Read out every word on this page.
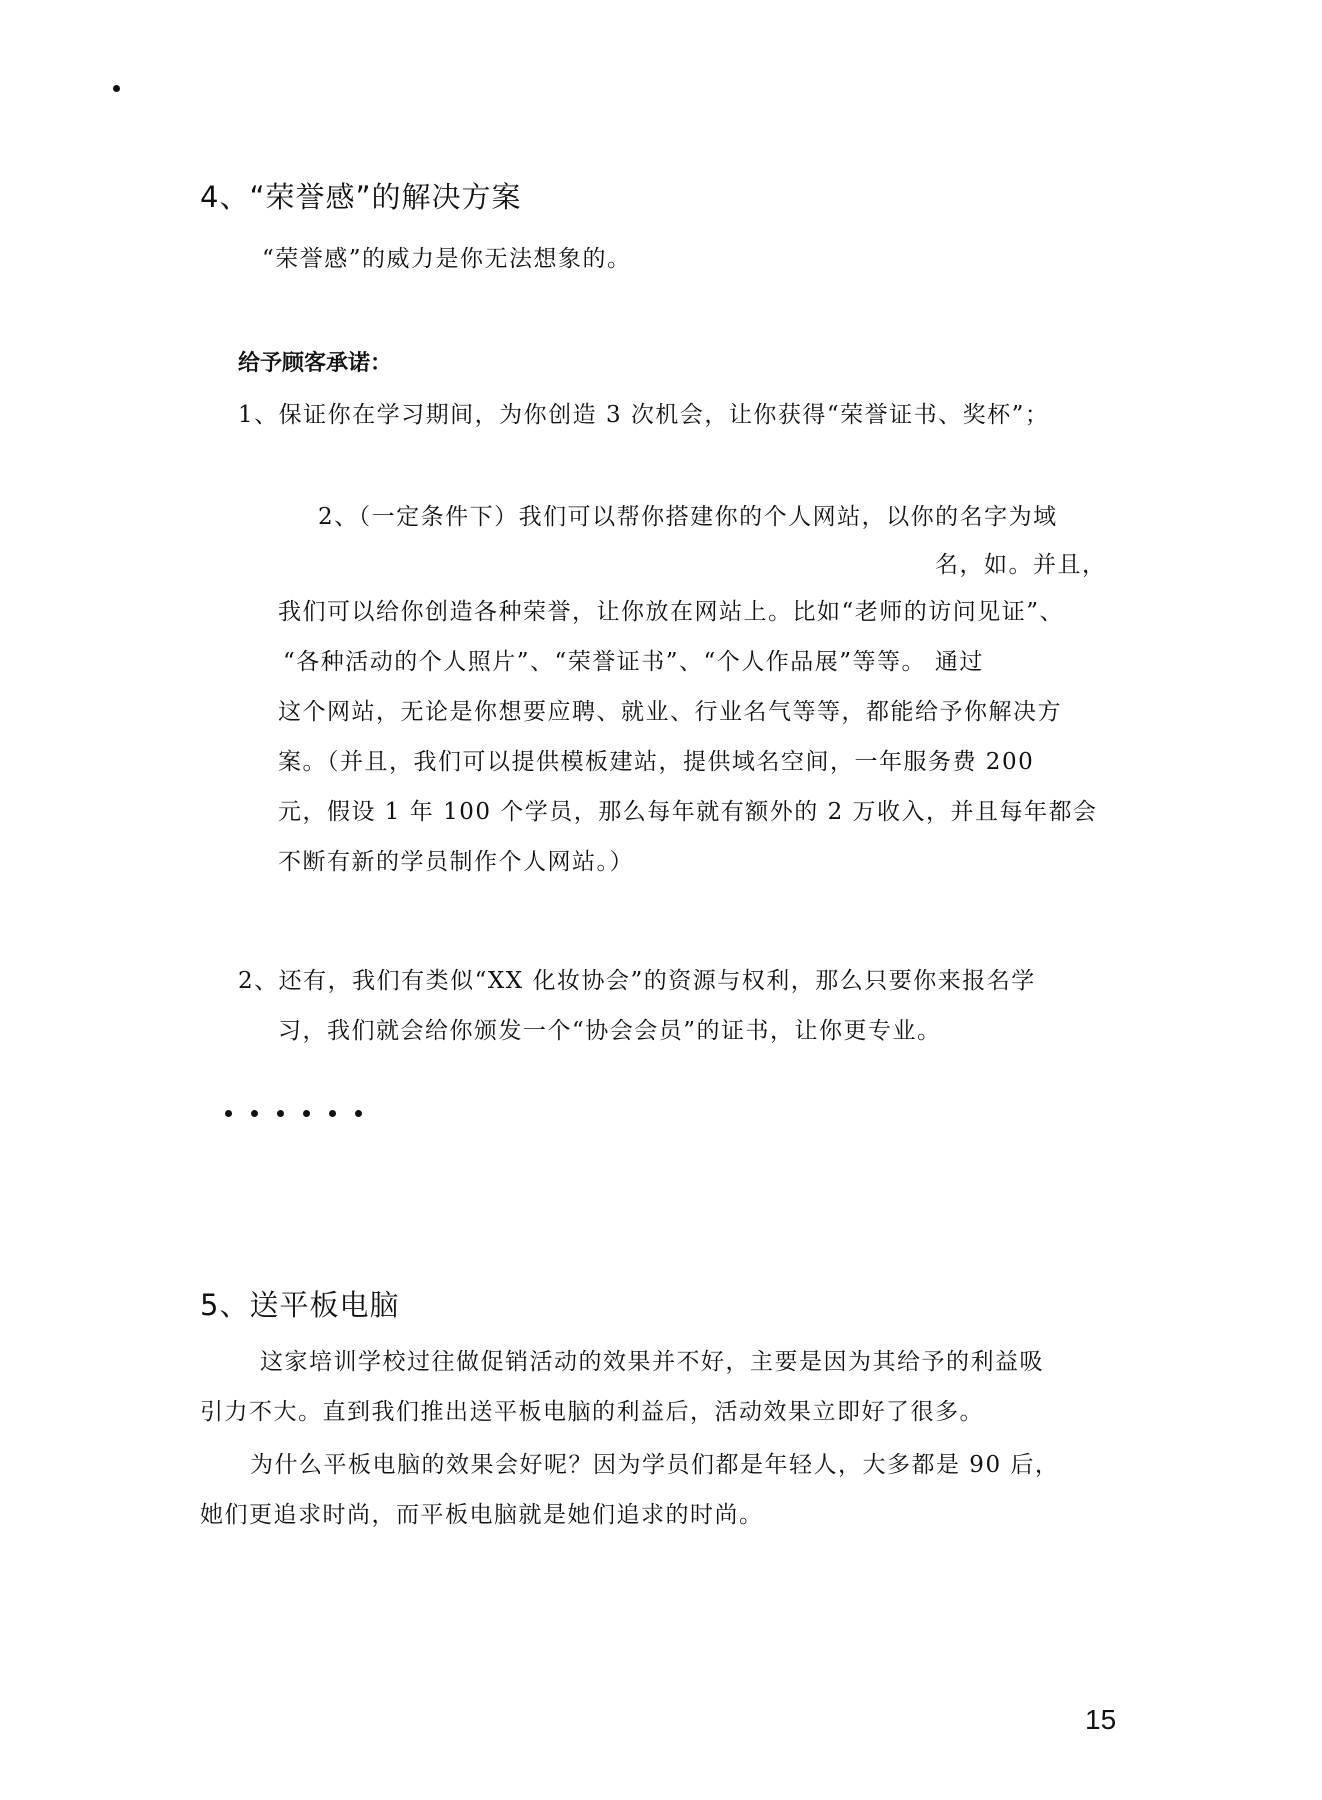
4、“荣誉感”的解决方案
“荣誉感”的威力是你无法想象的。
给予顾客承诺：
1、保证你在学习期间，为你创造 3 次机会，让你获得“荣誉证书、奖杯”；
2、（一定条件下）我们可以帮你搭建你的个人网站，以你的名字为域
名，如。并且，
我们可以给你创造各种荣誉，让你放在网站上。比如“老师的访问见证”、
“各种活动的个人照片”、“荣誉证书”、“个人作品展”等等。 通过
这个网站，无论是你想要应聘、就业、行业名气等等，都能给予你解决方
案。（并且，我们可以提供模板建站，提供域名空间，一年服务费 200
元，假设 1 年 100 个学员，那么每年就有额外的 2 万收入，并且每年都会
不断有新的学员制作个人网站。）
2、还有，我们有类似“XX 化妆协会”的资源与权利，那么只要你来报名学
习，我们就会给你颁发一个“协会会员”的证书，让你更专业。
5、送平板电脑
这家培训学校过往做促销活动的效果并不好，主要是因为其给予的利益吸
引力不大。直到我们推出送平板电脑的利益后，活动效果立即好了很多。
为什么平板电脑的效果会好呢？因为学员们都是年轻人，大多都是 90 后，
她们更追求时尚，而平板电脑就是她们追求的时尚。
15
